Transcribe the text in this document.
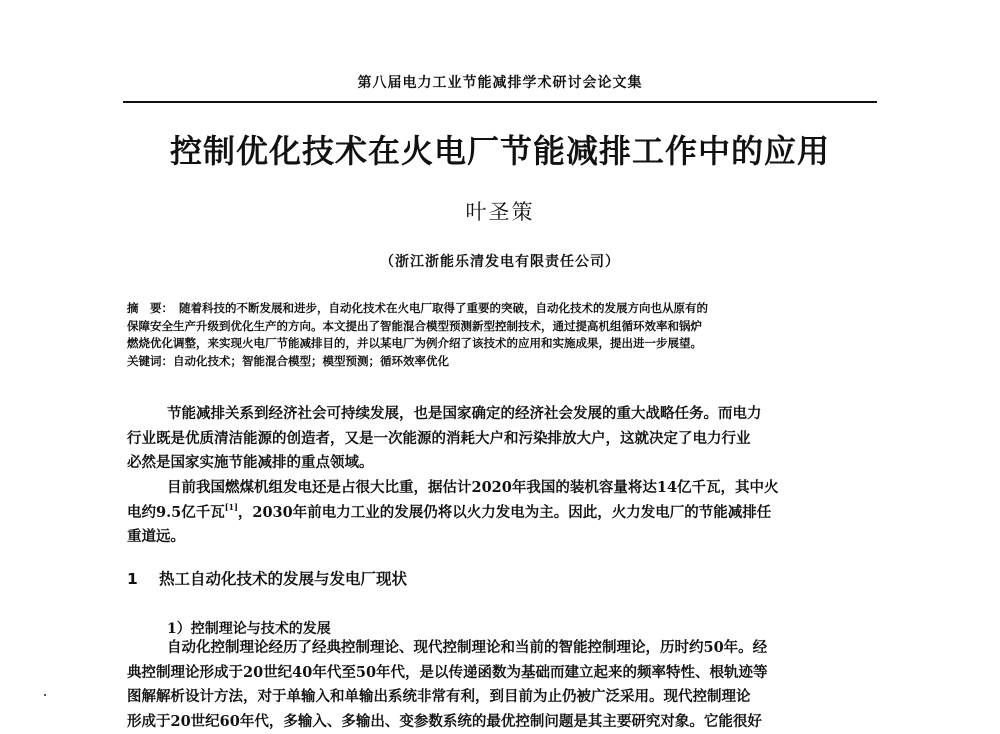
第八届电力工业节能减排学术研讨会论文集
控制优化技术在火电厂节能减排工作中的应用
叶圣策
（浙江浙能乐清发电有限责任公司）
摘　要： 随着科技的不断发展和进步，自动化技术在火电厂取得了重要的突破，自动化技术的发展方向也从原有的
保障安全生产升级到优化生产的方向。本文提出了智能混合模型预测新型控制技术，通过提高机组循环效率和锅炉
燃烧优化调整，来实现火电厂节能减排目的，并以某电厂为例介绍了该技术的应用和实施成果，提出进一步展望。
关键词：自动化技术；智能混合模型；模型预测；循环效率优化
节能减排关系到经济社会可持续发展，也是国家确定的经济社会发展的重大战略任务。而电力
行业既是优质清洁能源的创造者，又是一次能源的消耗大户和污染排放大户，这就决定了电力行业
必然是国家实施节能减排的重点领域。
目前我国燃煤机组发电还是占很大比重，据估计2020年我国的装机容量将达14亿千瓦，其中火
电约9.5亿千瓦[1]，2030年前电力工业的发展仍将以火力发电为主。因此，火力发电厂的节能减排任
重道远。
1 热工自动化技术的发展与发电厂现状
1）控制理论与技术的发展
自动化控制理论经历了经典控制理论、现代控制理论和当前的智能控制理论，历时约50年。经
典控制理论形成于20世纪40年代至50年代，是以传递函数为基础而建立起来的频率特性、根轨迹等
图解解析设计方法，对于单输入和单输出系统非常有利，到目前为止仍被广泛采用。现代控制理论
形成于20世纪60年代，多输入、多输出、变参数系统的最优控制问题是其主要研究对象。它能很好
